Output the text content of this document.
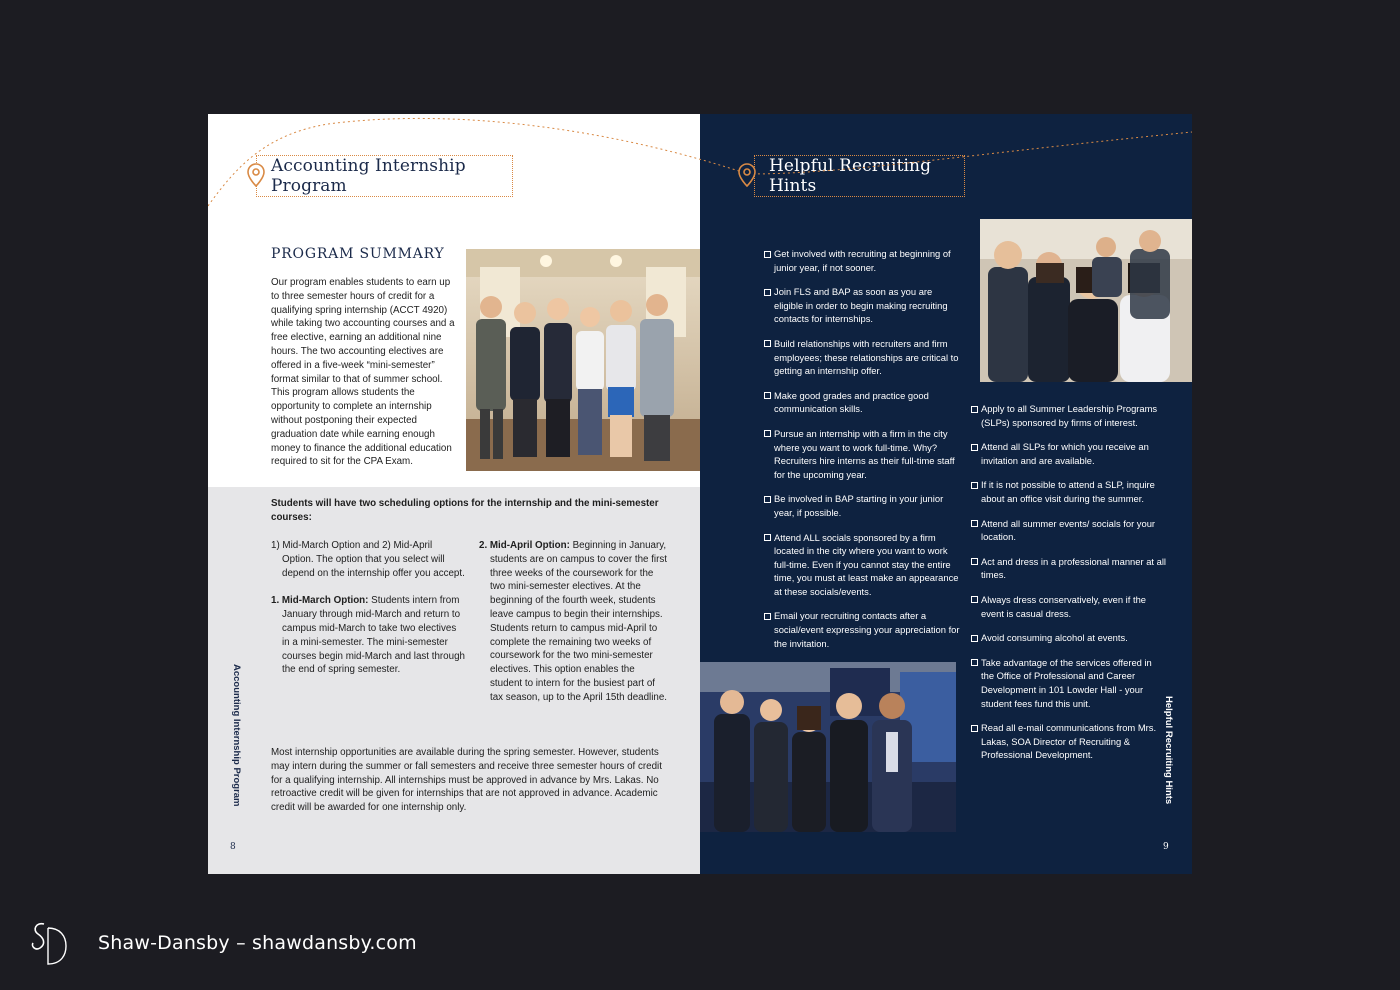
Accounting Internship Program
PROGRAM SUMMARY
Our program enables students to earn up to three semester hours of credit for a qualifying spring internship (ACCT 4920) while taking two accounting courses and a free elective, earning an additional nine hours. The two accounting electives are offered in a five-week “mini-semester” format similar to that of summer school. This program allows students the opportunity to complete an internship without postponing their expected graduation date while earning enough money to finance the additional education required to sit for the CPA Exam.
Students will have two scheduling options for the internship and the mini-semester courses:

1) Mid-March Option and 2) Mid-April Option. The option that you select will depend on the internship offer you accept.

1. Mid-March Option: Students intern from January through mid-March and return to campus mid-March to take two electives in a mini-semester. The mini-semester courses begin mid-March and last through the end of spring semester.

2. Mid-April Option: Beginning in January, students are on campus to cover the first three weeks of the coursework for the two mini-semester electives. At the beginning of the fourth week, students leave campus to begin their internships. Students return to campus mid-April to complete the remaining two weeks of coursework for the two mini-semester electives. This option enables the student to intern for the busiest part of tax season, up to the April 15th deadline.

Most internship opportunities are available during the spring semester. However, students may intern during the summer or fall semesters and receive three semester hours of credit for a qualifying internship. All internships must be approved in advance by Mrs. Lakas. No retroactive credit will be given for internships that are not approved in advance. Academic credit will be awarded for one internship only.
Accounting Internship Program
8
Helpful Recruiting Hints
Get involved with recruiting at beginning of junior year, if not sooner.
Join FLS and BAP as soon as you are eligible in order to begin making recruiting contacts for internships.
Build relationships with recruiters and firm employees; these relationships are critical to getting an internship offer.
Make good grades and practice good communication skills.
Pursue an internship with a firm in the city where you want to work full-time. Why? Recruiters hire interns as their full-time staff for the upcoming year.
Be involved in BAP starting in your junior year, if possible.
Attend ALL socials sponsored by a firm located in the city where you want to work full-time. Even if you cannot stay the entire time, you must at least make an appearance at these socials/events.
Email your recruiting contacts after a social/event expressing your appreciation for the invitation.
Apply to all Summer Leadership Programs (SLPs) sponsored by firms of interest.
Attend all SLPs for which you receive an invitation and are available.
If it is not possible to attend a SLP, inquire about an office visit during the summer.
Attend all summer events/ socials for your location.
Act and dress in a professional manner at all times.
Always dress conservatively, even if the event is casual dress.
Avoid consuming alcohol at events.
Take advantage of the services offered in the Office of Professional and Career Development in 101 Lowder Hall - your student fees fund this unit.
Read all e-mail communications from Mrs. Lakas, SOA Director of Recruiting & Professional Development.	Helpful Recruiting Hints
9
Shaw-Dansby – shawdansby.com
